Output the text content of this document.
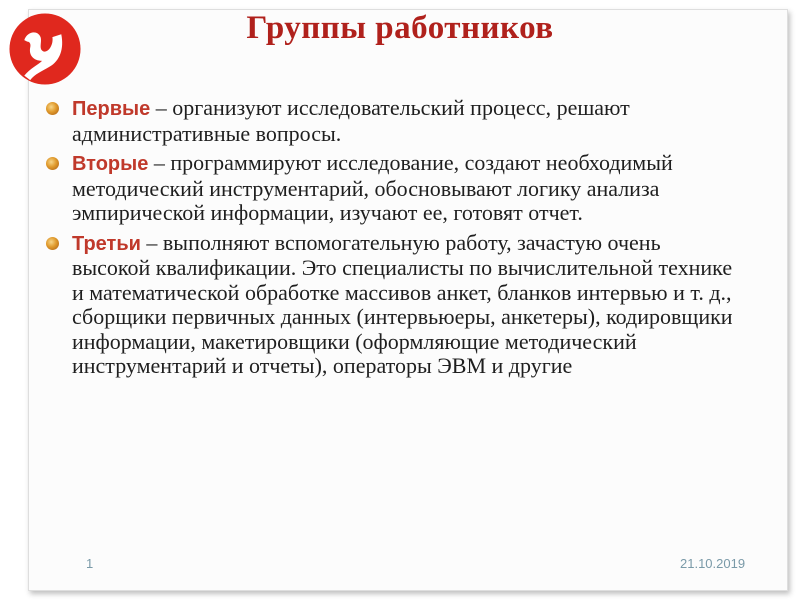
Группы работников
Первые – организуют исследовательский процесс, решают административные вопросы.
Вторые – программируют исследование, создают необходимый методический инструментарий, обосновывают логику анализа эмпирической информации, изучают ее, готовят отчет.
Третьи – выполняют вспомогательную работу, зачастую очень высокой квалификации. Это специалисты по вычислительной технике и математической обработке массивов анкет, бланков интервью и т. д., сборщики первичных данных (интервьюеры, анкетеры), кодировщики информации, макетировщики (оформляющие методический инструментарий и отчеты), операторы ЭВМ и другие
1	21.10.2019
